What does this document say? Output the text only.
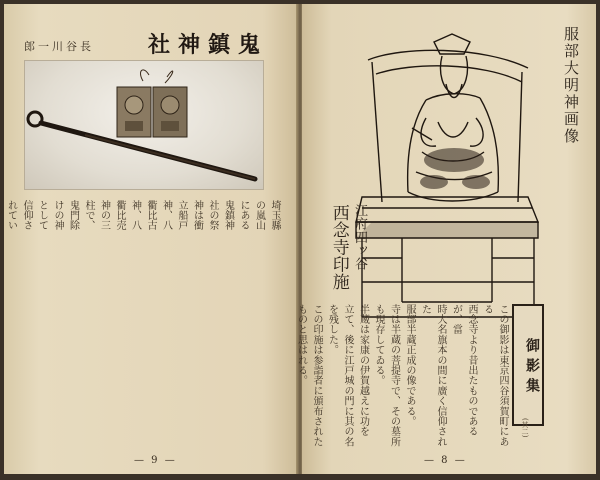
鬼鎮神社
長谷川一郎
埼玉縣
の嵐山
にある
鬼鎮神
社の祭
神は衝
立船戸
神、八
衢比古
神、八
衢比売
神の三
柱で、
鬼門除
けの神
として
信仰さ
れてい

— 9 —
服部大明神画像
江府四ッ谷
西念寺印施
御影集
(其二)
この御影は東京四谷須賀町にある
西念寺より昔出たものであるが、當
時大名旗本の間に廣く信仰された
服部半蔵正成の像である。
寺は半蔵の菩提寺で、その墓所
も現存してゐる。
半蔵は家康の伊賀越えに功を
立て、後に江戸城の門に其の名
を残した。
この印施は参詣者に頒布された
ものと思はれる。
— 8 —
